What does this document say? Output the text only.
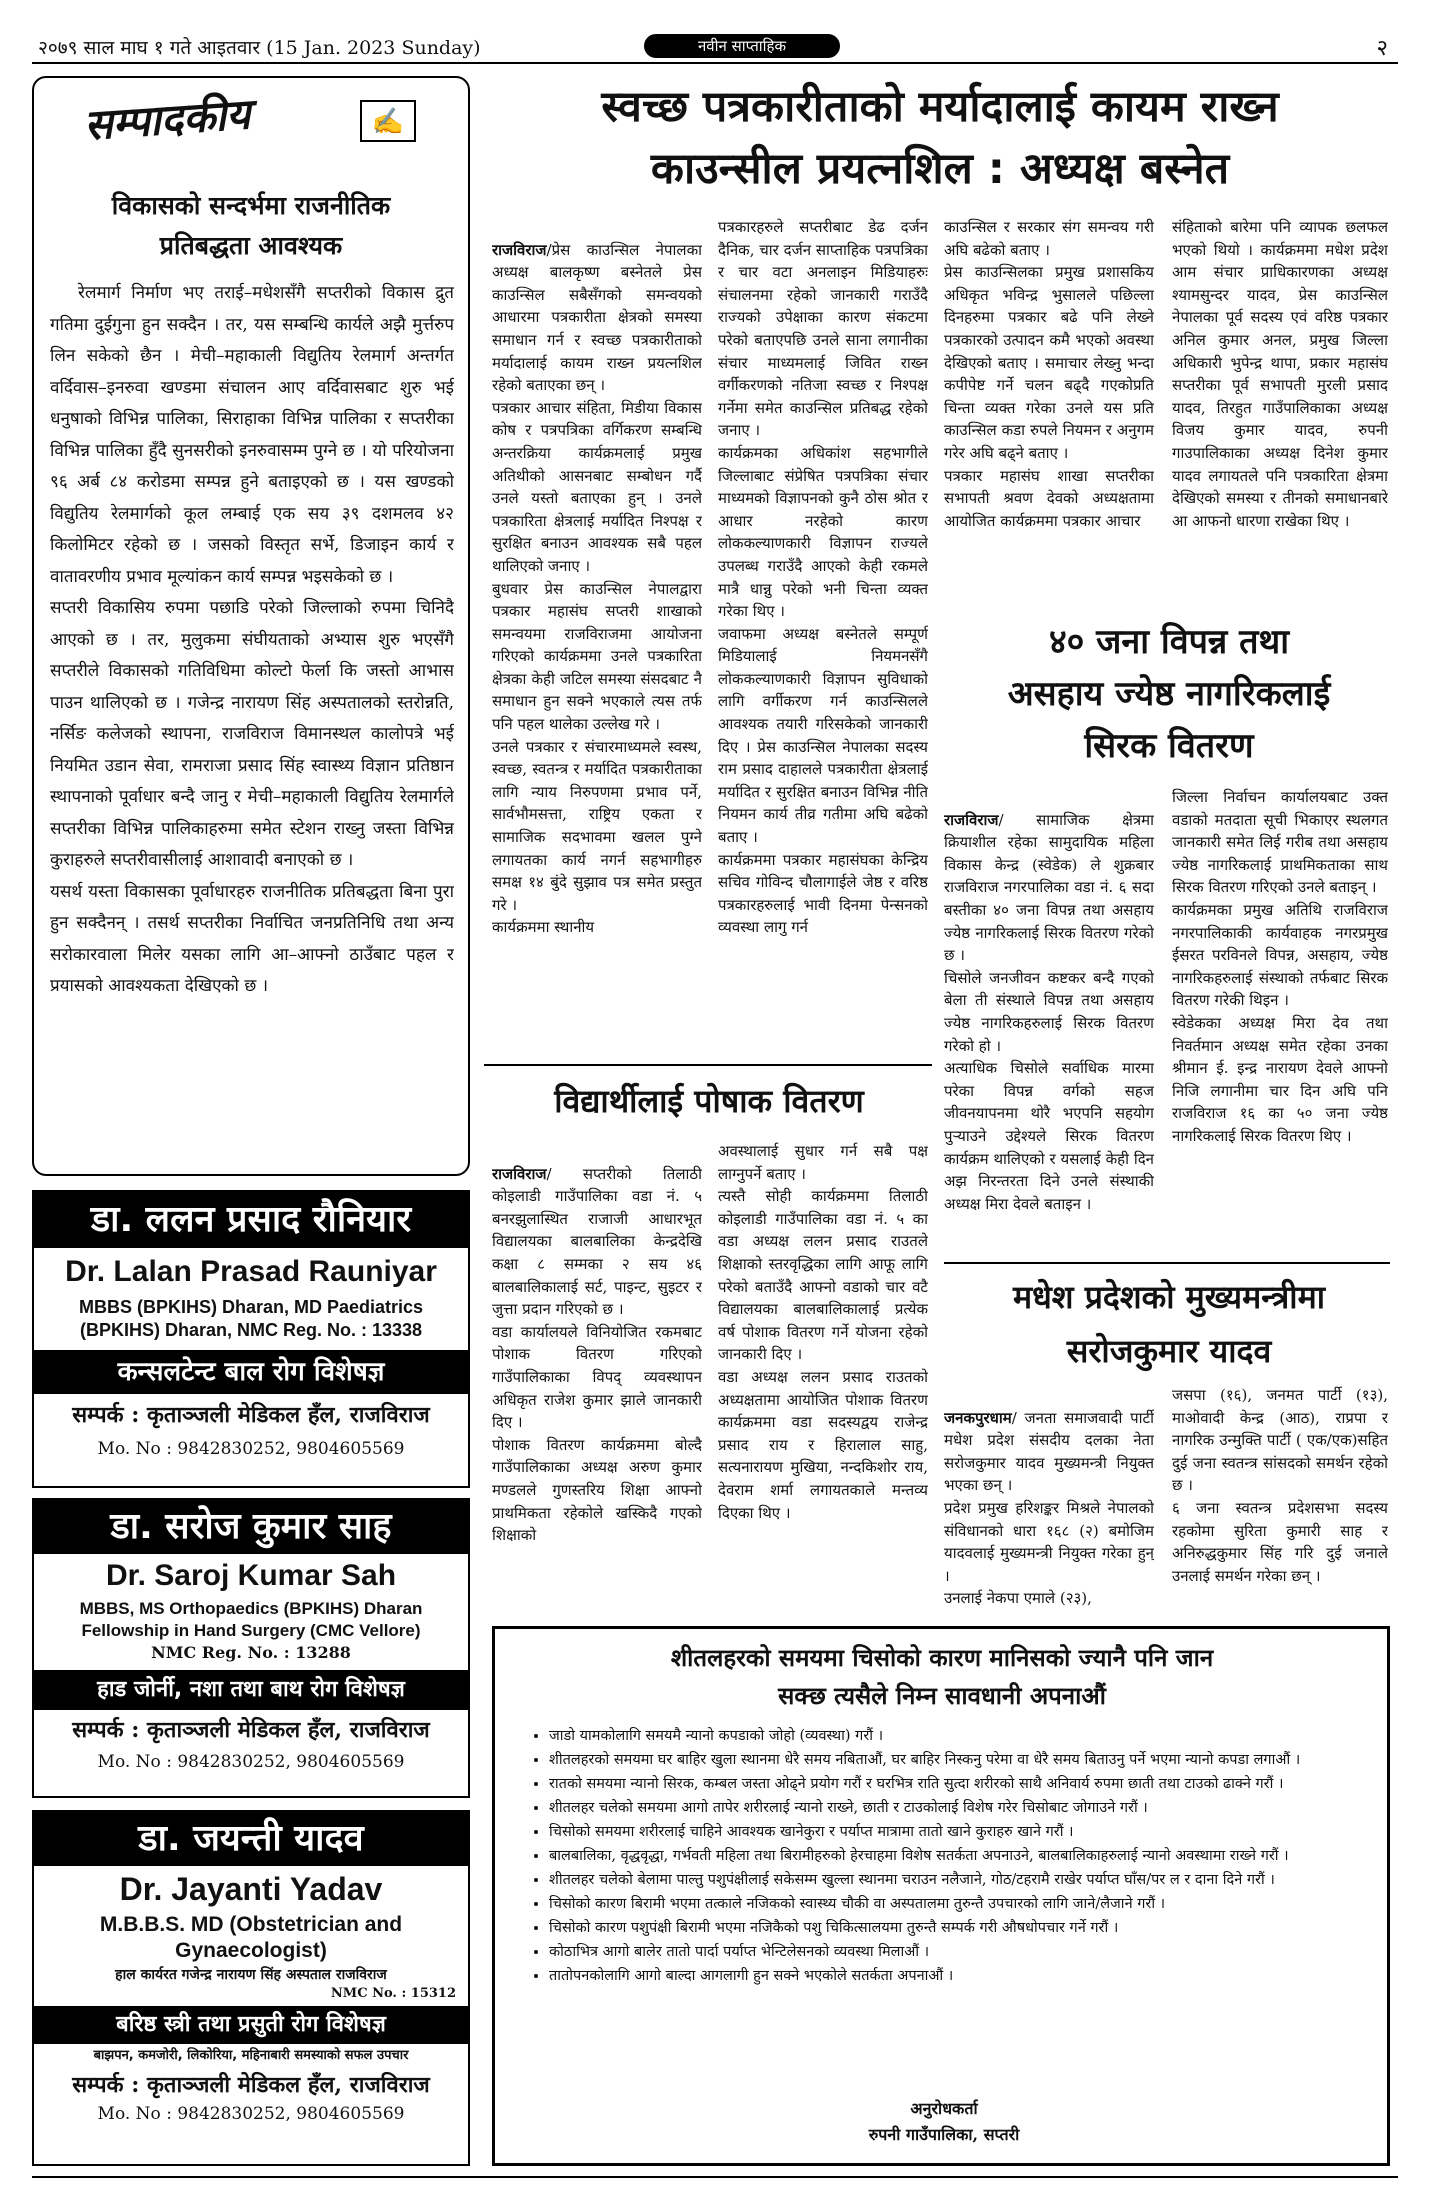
२०७९ साल माघ १ गते आइतवार (15 Jan. 2023 Sunday)	नवीन साप्ताहिक	२
सम्पादकीय	✍
विकासको सन्दर्भमा राजनीतिक
प्रतिबद्धता आवश्यक
रेलमार्ग निर्माण भए तराई–मधेशसँगै सप्तरीको विकास द्रुत गतिमा दुईगुना हुन सक्दैन । तर, यस सम्बन्धि कार्यले अझै मुर्त्तरुप लिन सकेको छैन । मेची–महाकाली विद्युतिय रेलमार्ग अन्तर्गत वर्दिवास–इनरुवा खण्डमा संचालन आए वर्दिवासबाट शुरु भई धनुषाको विभिन्न पालिका, सिराहाका विभिन्न पालिका र सप्तरीका विभिन्न पालिका हुँदै सुनसरीको इनरुवासम्म पुग्ने छ । यो परियोजना ९६ अर्ब ८४ करोडमा सम्पन्न हुने बताइएको छ । यस खण्डको विद्युतिय रेलमार्गको कूल लम्बाई एक सय ३९ दशमलव ४२ किलोमिटर रहेको छ । जसको विस्तृत सर्भे, डिजाइन कार्य र वातावरणीय प्रभाव मूल्यांकन कार्य सम्पन्न भइसकेको छ ।
सप्तरी विकासिय रुपमा पछाडि परेको जिल्लाको रुपमा चिनिदै आएको छ । तर, मुलुकमा संघीयताको अभ्यास शुरु भएसँगै सप्तरीले विकासको गतिविधिमा कोल्टो फेर्ला कि जस्तो आभास पाउन थालिएको छ । गजेन्द्र नारायण सिंह अस्पतालको स्तरोन्नति, नर्सिङ कलेजको स्थापना, राजविराज विमानस्थल कालोपत्रे भई नियमित उडान सेवा, रामराजा प्रसाद सिंह स्वास्थ्य विज्ञान प्रतिष्ठान स्थापनाको पूर्वाधार बन्दै जानु र मेची–महाकाली विद्युतिय रेलमार्गले सप्तरीका विभिन्न पालिकाहरुमा समेत स्टेशन राख्नु जस्ता विभिन्न कुराहरुले सप्तरीवासीलाई आशावादी बनाएको छ ।
यसर्थ यस्ता विकासका पूर्वाधारहरु राजनीतिक प्रतिबद्धता बिना पुरा हुन सक्दैनन् । तसर्थ सप्तरीका निर्वाचित जनप्रतिनिधि तथा अन्य सरोकारवाला मिलेर यसका लागि आ–आफ्नो ठाउँबाट पहल र प्रयासको आवश्यकता देखिएको छ ।
डा. ललन प्रसाद रौनियार
Dr. Lalan Prasad Rauniyar
MBBS (BPKIHS) Dharan, MD Paediatrics
(BPKIHS) Dharan, NMC Reg. No. : 13338
कन्सलटेन्ट बाल रोग विशेषज्ञ
सम्पर्क : कृताञ्जली मेडिकल हँल, राजविराज
Mo. No : 9842830252, 9804605569
डा. सरोज कुमार साह
Dr. Saroj Kumar Sah
MBBS, MS Orthopaedics (BPKIHS) Dharan
Fellowship in Hand Surgery (CMC Vellore)
NMC Reg. No. : 13288
हाड जोर्नी, नशा तथा बाथ रोग विशेषज्ञ
सम्पर्क : कृताञ्जली मेडिकल हँल, राजविराज
Mo. No : 9842830252, 9804605569
डा. जयन्ती यादव
Dr. Jayanti Yadav
M.B.B.S. MD (Obstetrician and
Gynaecologist)
हाल कार्यरत गजेन्द्र नारायण सिंह अस्पताल राजविराज
NMC No. : 15312
बरिष्ठ स्त्री तथा प्रसुती रोग विशेषज्ञ
बाझपन, कमजोरी, लिकोरिया, महिनाबारी समस्याको सफल उपचार
सम्पर्क : कृताञ्जली मेडिकल हँल, राजविराज
Mo. No : 9842830252, 9804605569
स्वच्छ पत्रकारीताको मर्यादालाई कायम राख्न
काउन्सील प्रयत्नशिल : अध्यक्ष बस्नेत

राजविराज/प्रेस काउन्सिल नेपालका अध्यक्ष बालकृष्ण बस्नेतले प्रेस काउन्सिल सबैसँगको समन्वयको आधारमा पत्रकारीता क्षेत्रको समस्या समाधान गर्न र स्वच्छ पत्रकारीताको मर्यादालाई कायम राख्न प्रयत्नशिल रहेको बताएका छन् ।
पत्रकार आचार संहिता, मिडीया विकास कोष र पत्रपत्रिका वर्गिकरण सम्बन्धि अन्तरक्रिया कार्यक्रमलाई प्रमुख अतिथीको आसनबाट सम्बोधन गर्दै उनले यस्तो बताएका हुन् । उनले पत्रकारिता क्षेत्रलाई मर्यादित निश्पक्ष र सुरक्षित बनाउन आवश्यक सबै पहल थालिएको जनाए ।
बुधवार प्रेस काउन्सिल नेपालद्वारा पत्रकार महासंघ सप्तरी शाखाको समन्वयमा राजविराजमा आयोजना गरिएको कार्यक्रममा उनले पत्रकारिता क्षेत्रका केही जटिल समस्या संसदबाट नै समाधान हुन सक्ने भएकाले त्यस तर्फ पनि पहल थालेका उल्लेख गरे ।
उनले पत्रकार र संचारमाध्यमले स्वस्थ, स्वच्छ, स्वतन्त्र र मर्यादित पत्रकारीताका लागि न्याय निरुपणमा प्रभाव पर्ने, सार्वभौमसत्ता, राष्ट्रिय एकता र सामाजिक सदभावमा खलल पुग्ने लगायतका कार्य नगर्न सहभागीहरु समक्ष १४ बुंदे सुझाव पत्र समेत प्रस्तुत गरे ।
कार्यक्रममा स्थानीय

पत्रकारहरुले सप्तरीबाट डेढ दर्जन दैनिक, चार दर्जन साप्ताहिक पत्रपत्रिका र चार वटा अनलाइन मिडियाहरुः संचालनमा रहेको जानकारी गराउँदै राज्यको उपेक्षाका कारण संकटमा परेको बताएपछि उनले साना लगानीका संचार माध्यमलाई जिवित राख्न वर्गीकरणको नतिजा स्वच्छ र निश्पक्ष गर्नेमा समेत काउन्सिल प्रतिबद्ध रहेको जनाए ।
कार्यक्रमका अधिकांश सहभागीले जिल्लाबाट संप्रेषित पत्रपत्रिका संचार माध्यमको विज्ञापनको कुनै ठोस श्रोत र आधार नरहेको कारण लोककल्याणकारी विज्ञापन राज्यले उपलब्ध गराउँदै आएको केही रकमले मात्रै धान्नु परेको भनी चिन्ता व्यक्त गरेका थिए ।
जवाफमा अध्यक्ष बस्नेतले सम्पूर्ण मिडियालाई नियमनसँगै लोककल्याणकारी विज्ञापन सुविधाको लागि वर्गीकरण गर्न काउन्सिलले आवश्यक तयारी गरिसकेको जानकारी दिए । प्रेस काउन्सिल नेपालका सदस्य राम प्रसाद दाहालले पत्रकारीता क्षेत्रलाई मर्यादित र सुरक्षित बनाउन विभिन्न नीति नियमन कार्य तीव्र गतीमा अघि बढेको बताए ।
कार्यक्रममा पत्रकार महासंघका केन्द्रिय सचिव गोविन्द चौलागाईले जेष्ठ र वरिष्ठ पत्रकारहरुलाई भावी दिनमा पेन्सनको व्यवस्था लागु गर्न
काउन्सिल र सरकार संग समन्वय गरी अघि बढेको बताए ।
प्रेस काउन्सिलका प्रमुख प्रशासकिय अधिकृत भविन्द्र भुसालले पछिल्ला दिनहरुमा पत्रकार बढे पनि लेख्ने पत्रकारको उत्पादन कमै भएको अवस्था देखिएको बताए । समाचार लेख्नु भन्दा कपीपेष्ट गर्ने चलन बढ्दै गएकोप्रति चिन्ता व्यक्त गरेका उनले यस प्रति काउन्सिल कडा रुपले नियमन र अनुगम गरेर अघि बढ्ने बताए ।
पत्रकार महासंघ शाखा सप्तरीका सभापती श्रवण देवको अध्यक्षतामा आयोजित कार्यक्रममा पत्रकार आचार
संहिताको बारेमा पनि व्यापक छलफल भएको थियो । कार्यक्रममा मधेश प्रदेश आम संचार प्राधिकारणका अध्यक्ष श्यामसुन्दर यादव, प्रेस काउन्सिल नेपालका पूर्व सदस्य एवं वरिष्ठ पत्रकार अनिल कुमार अनल, प्रमुख जिल्ला अधिकारी भुपेन्द्र थापा, प्रकार महासंघ सप्तरीका पूर्व सभापती मुरली प्रसाद यादव, तिरहुत गाउँपालिकाका अध्यक्ष विजय कुमार यादव, रुपनी गाउपालिकाका अध्यक्ष दिनेश कुमार यादव लगायतले पनि पत्रकारिता क्षेत्रमा देखिएको समस्या र तीनको समाधानबारे आ आफनो धारणा राखेका थिए ।
४० जना विपन्न तथा
असहाय ज्येष्ठ नागरिकलाई
सिरक वितरण

राजविराज/ सामाजिक क्षेत्रमा क्रियाशील रहेका सामुदायिक महिला विकास केन्द्र (स्वेडेक) ले शुक्रबार राजविराज नगरपालिका वडा नं. ६ सदा बस्तीका ४० जना विपन्न तथा असहाय ज्येष्ठ नागरिकलाई सिरक वितरण गरेको छ ।
चिसोले जनजीवन कष्टकर बन्दै गएको बेला ती संस्थाले विपन्न तथा असहाय ज्येष्ठ नागरिकहरुलाई सिरक वितरण गरेको हो ।
अत्याधिक चिसोले सर्वाधिक मारमा परेका विपन्न वर्गको सहज जीवनयापनमा थोरै भएपनि सहयोग पुऱ्याउने उद्देश्यले सिरक वितरण कार्यक्रम थालिएको र यसलाई केही दिन अझ निरन्तरता दिने उनले संस्थाकी अध्यक्ष मिरा देवले बताइन ।

जिल्ला निर्वाचन कार्यालयबाट उक्त वडाको मतदाता सूची भिकाएर स्थलगत जानकारी समेत लिई गरीब तथा असहाय ज्येष्ठ नागरिकलाई प्राथमिकताका साथ सिरक वितरण गरिएको उनले बताइन् ।
कार्यक्रमका प्रमुख अतिथि राजविराज नगरपालिकाकी कार्यवाहक नगरप्रमुख ईसरत परविनले विपन्न, असहाय, ज्येष्ठ नागरिकहरुलाई संस्थाको तर्फबाट सिरक वितरण गरेकी थिइन ।
स्वेडेकका अध्यक्ष मिरा देव तथा निवर्तमान अध्यक्ष समेत रहेका उनका श्रीमान ई. इन्द्र नारायण देवले आफ्नो निजि लगानीमा चार दिन अघि पनि राजविराज १६ का ५० जना ज्येष्ठ नागरिकलाई सिरक वितरण थिए ।
विद्यार्थीलाई पोषाक वितरण

राजविराज/ सप्तरीको तिलाठी कोइलाडी गाउँपालिका वडा नं. ५ बनरझुलास्थित राजाजी आधारभूत विद्यालयका बालबालिका केन्द्रदेखि कक्षा ८ सम्मका २ सय ४६ बालबालिकालाई सर्ट, पाइन्ट, सुइटर र जुत्ता प्रदान गरिएको छ ।
वडा कार्यालयले विनियोजित रकमबाट पोशाक वितरण गरिएको गाउँपालिकाका विपद् व्यवस्थापन अधिकृत राजेश कुमार झाले जानकारी दिए ।
पोशाक वितरण कार्यक्रममा बोल्दै गाउँपालिकाका अध्यक्ष अरुण कुमार मण्डलले गुणस्तरिय शिक्षा आफ्नो प्राथमिकता रहेकोले खस्किदै गएको शिक्षाको

अवस्थालाई सुधार गर्न सबै पक्ष लाग्नुपर्ने बताए ।
त्यस्तै सोही कार्यक्रममा तिलाठी कोइलाडी गाउँपालिका वडा नं. ५ का वडा अध्यक्ष ललन प्रसाद राउतले शिक्षाको स्तरवृद्धिका लागि आफू लागि परेको बताउँदै आफ्नो वडाको चार वटै विद्यालयका बालबालिकालाई प्रत्येक वर्ष पोशाक वितरण गर्ने योजना रहेको जानकारी दिए ।
वडा अध्यक्ष ललन प्रसाद राउतको अध्यक्षतामा आयोजित पोशाक वितरण कार्यक्रममा वडा सदस्यद्वय राजेन्द्र प्रसाद राय र हिरालाल साहु, सत्यनारायण मुखिया, नन्दकिशोर राय, देवराम शर्मा लगायतकाले मन्तव्य दिएका थिए ।
मधेश प्रदेशको मुख्यमन्त्रीमा
सरोजकुमार यादव

जनकपुरधाम/ जनता समाजवादी पार्टी मधेश प्रदेश संसदीय दलका नेता सरोजकुमार यादव मुख्यमन्त्री नियुक्त भएका छन् ।
प्रदेश प्रमुख हरिशङ्कर मिश्रले नेपालको संविधानको धारा १६८ (२) बमोजिम यादवलाई मुख्यमन्त्री नियुक्त गरेका हुन् ।
उनलाई नेकपा एमाले (२३),

जसपा (१६), जनमत पार्टी (१३), माओवादी केन्द्र (आठ), राप्रपा र नागरिक उन्मुक्ति पार्टी ( एक/एक)सहित दुई जना स्वतन्त्र सांसदको समर्थन रहेको छ ।
६ जना स्वतन्त्र प्रदेशसभा सदस्य रहकोमा सुरिता कुमारी साह र अनिरुद्धकुमार सिंह गरि दुई जनाले उनलाई समर्थन गरेका छन् ।
शीतलहरको समयमा चिसोको कारण मानिसको ज्यानै पनि जान
सक्छ त्यसैले निम्न सावधानी अपनाऔं
• जाडो यामकोलागि समयमै न्यानो कपडाको जोहो (व्यवस्था) गरौं ।
• शीतलहरको समयमा घर बाहिर खुला स्थानमा धेरै समय नबिताऔं, घर बाहिर निस्कनु परेमा वा धेरै समय बिताउनु पर्ने भएमा न्यानो कपडा लगाऔं ।
• रातको समयमा न्यानो सिरक, कम्बल जस्ता ओढ्ने प्रयोग गरौं र घरभित्र राति सुत्दा शरीरको साथै अनिवार्य रुपमा छाती तथा टाउको ढाक्ने गरौं ।
• शीतलहर चलेको समयमा आगो तापेर शरीरलाई न्यानो राख्ने, छाती र टाउकोलाई विशेष गरेर चिसोबाट जोगाउने गरौं ।
• चिसोको समयमा शरीरलाई चाहिने आवश्यक खानेकुरा र पर्याप्त मात्रामा तातो खाने कुराहरु खाने गरौं ।
• बालबालिका, वृद्धवृद्धा, गर्भवती महिला तथा बिरामीहरुको हेरचाहमा विशेष सतर्कता अपनाउने, बालबालिकाहरुलाई न्यानो अवस्थामा राख्ने गरौं ।
• शीतलहर चलेको बेलामा पाल्तु पशुपंक्षीलाई सकेसम्म खुल्ला स्थानमा चराउन नलैजाने, गोठ/टहरामै राखेर पर्याप्त घाँस/पर ल र दाना दिने गरौं ।
• चिसोको कारण बिरामी भएमा तत्काले नजिकको स्वास्थ्य चौकी वा अस्पतालमा तुरुन्तै उपचारको लागि जाने/लैजाने गरौं ।
• चिसोको कारण पशुपंक्षी बिरामी भएमा नजिकैको पशु चिकित्सालयमा तुरुन्तै सम्पर्क गरी औषधोपचार गर्ने गरौं ।
• कोठाभित्र आगो बालेर तातो पार्दा पर्याप्त भेन्टिलेसनको व्यवस्था मिलाऔं ।
• तातोपनकोलागि आगो बाल्दा आगलागी हुन सक्ने भएकोले सतर्कता अपनाऔं ।
अनुरोधकर्ता
रुपनी गाउँपालिका, सप्तरी
